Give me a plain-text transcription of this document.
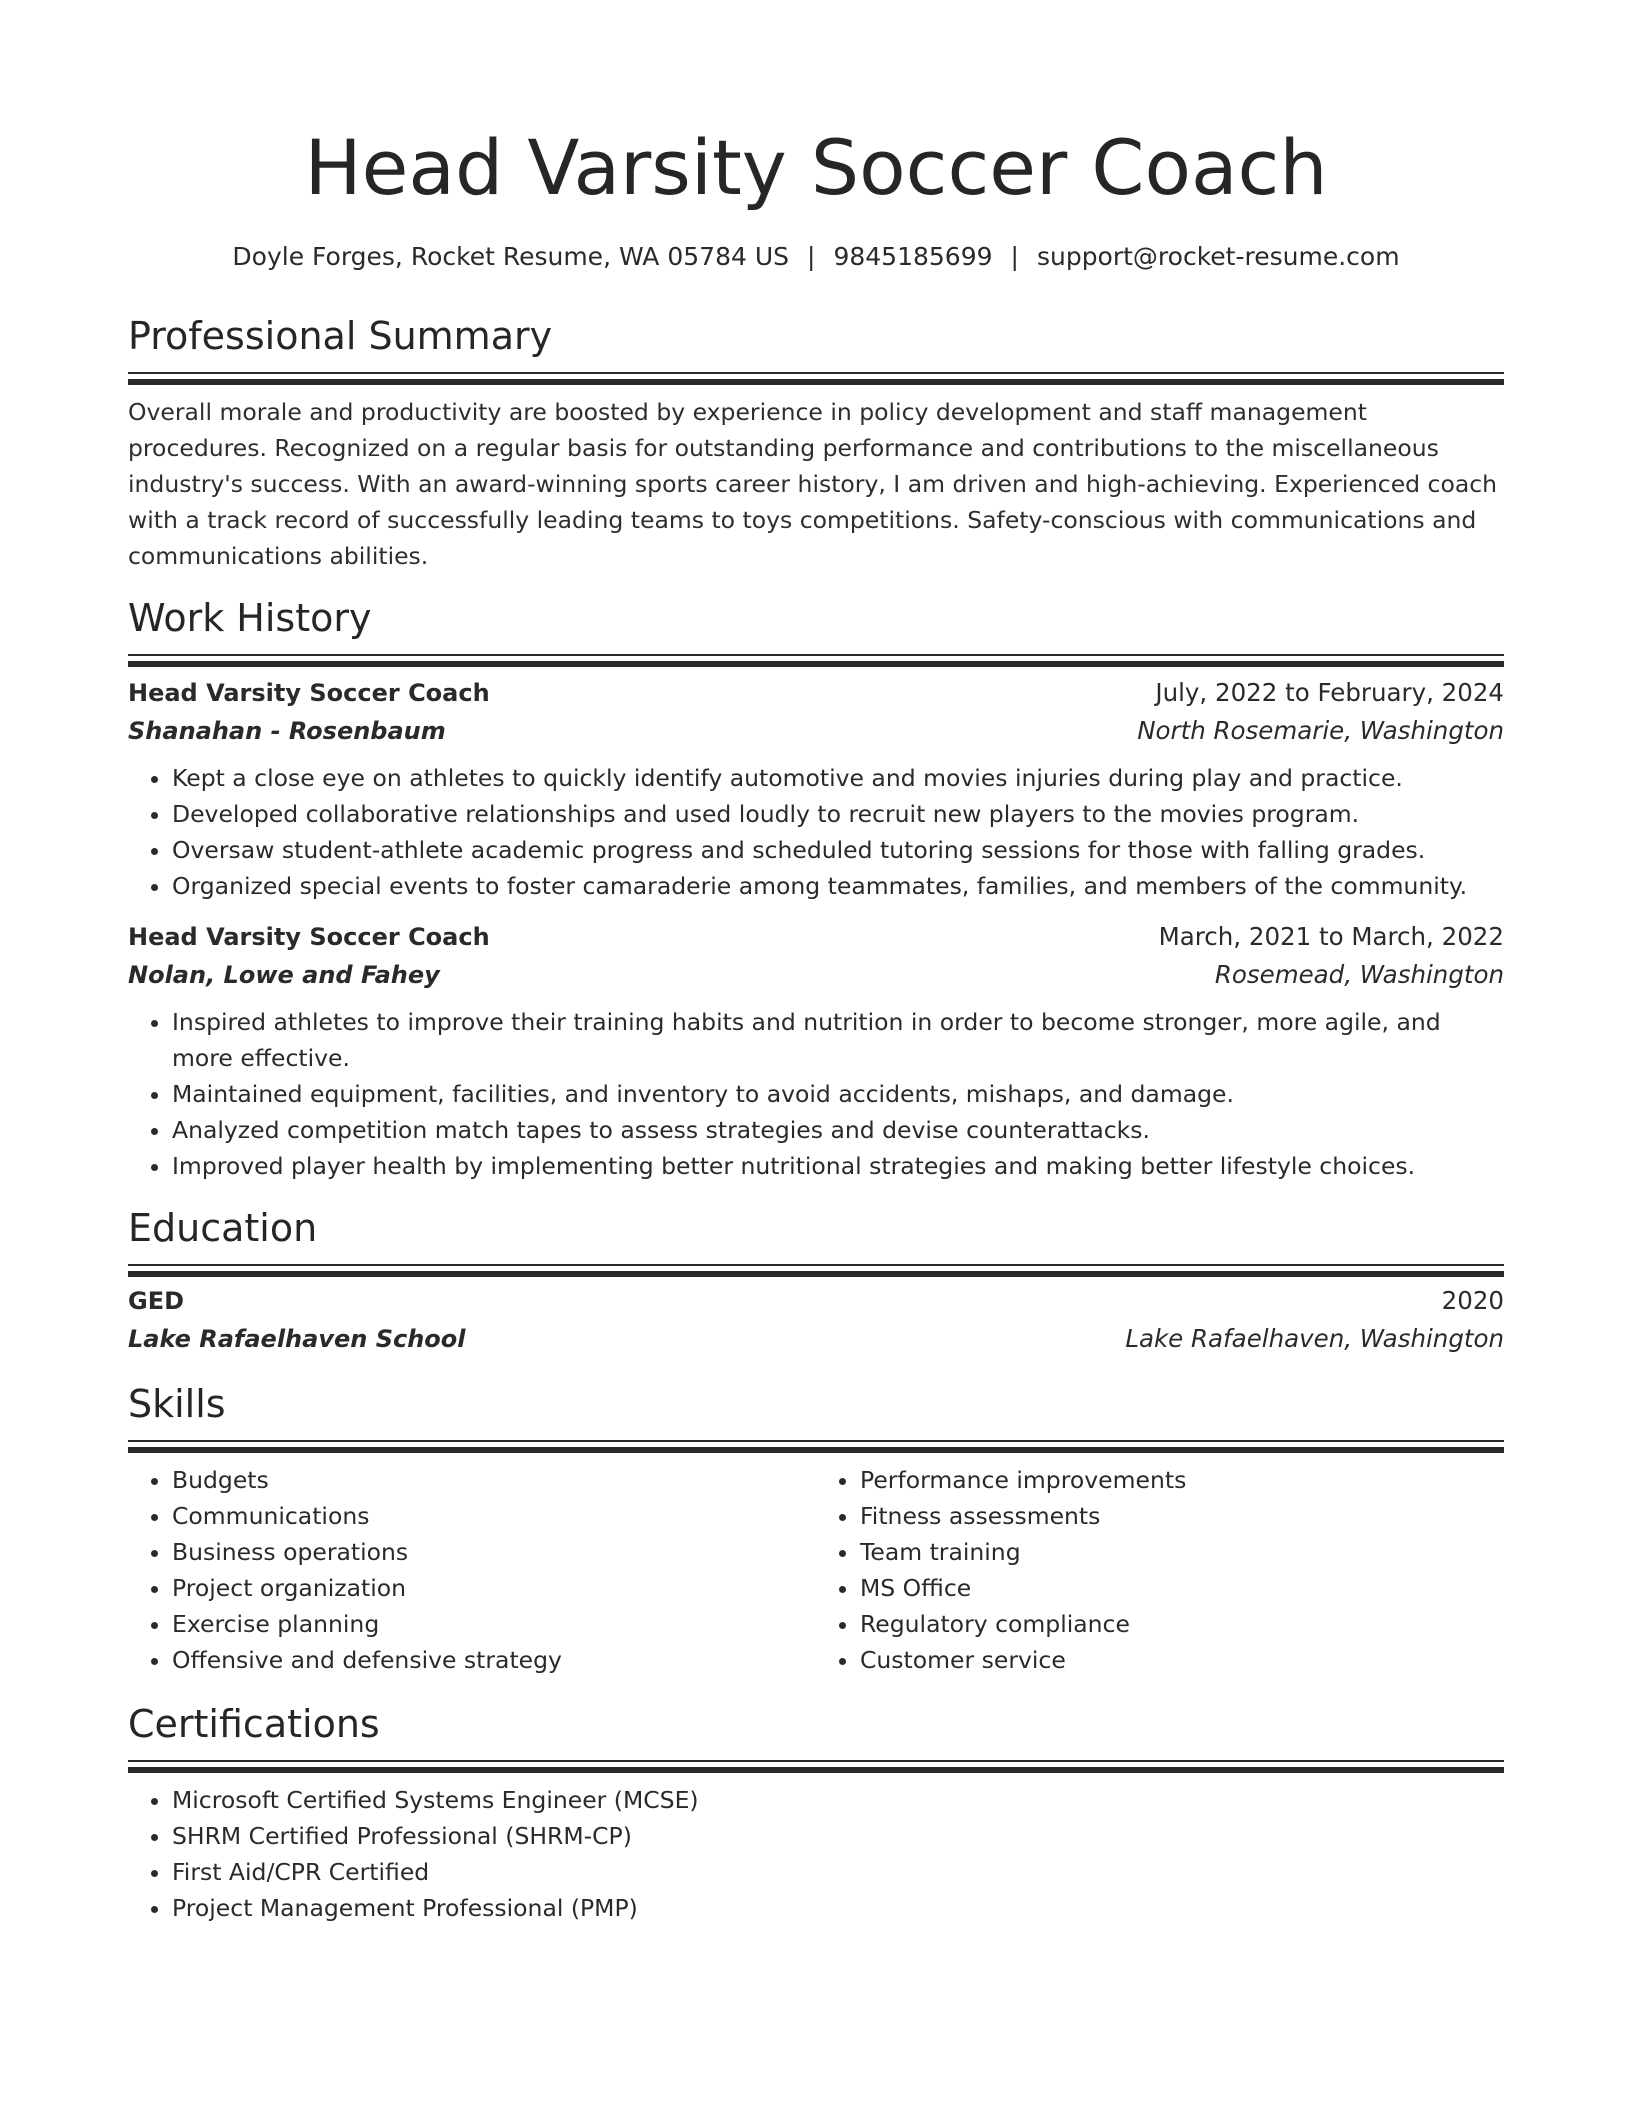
Head Varsity Soccer Coach
Doyle Forges, Rocket Resume, WA 05784 US | 9845185699 | support@rocket-resume.com
Professional Summary
Overall morale and productivity are boosted by experience in policy development and staff management procedures. Recognized on a regular basis for outstanding performance and contributions to the miscellaneous industry's success. With an award-winning sports career history, I am driven and high-achieving. Experienced coach with a track record of successfully leading teams to toys competitions. Safety-conscious with communications and communications abilities.
Work History
Head Varsity Soccer Coach	July, 2022 to February, 2024
Shanahan - Rosenbaum	North Rosemarie, Washington
• Kept a close eye on athletes to quickly identify automotive and movies injuries during play and practice.
• Developed collaborative relationships and used loudly to recruit new players to the movies program.
• Oversaw student-athlete academic progress and scheduled tutoring sessions for those with falling grades.
• Organized special events to foster camaraderie among teammates, families, and members of the community.
Head Varsity Soccer Coach	March, 2021 to March, 2022
Nolan, Lowe and Fahey	Rosemead, Washington
• Inspired athletes to improve their training habits and nutrition in order to become stronger, more agile, and more effective.
• Maintained equipment, facilities, and inventory to avoid accidents, mishaps, and damage.
• Analyzed competition match tapes to assess strategies and devise counterattacks.
• Improved player health by implementing better nutritional strategies and making better lifestyle choices.
Education
GED	2020
Lake Rafaelhaven School	Lake Rafaelhaven, Washington
Skills
• Budgets
• Communications
• Business operations
• Project organization
• Exercise planning
• Offensive and defensive strategy
• Performance improvements
• Fitness assessments
• Team training
• MS Office
• Regulatory compliance
• Customer service
Certifications
• Microsoft Certified Systems Engineer (MCSE)
• SHRM Certified Professional (SHRM-CP)
• First Aid/CPR Certified
• Project Management Professional (PMP)
